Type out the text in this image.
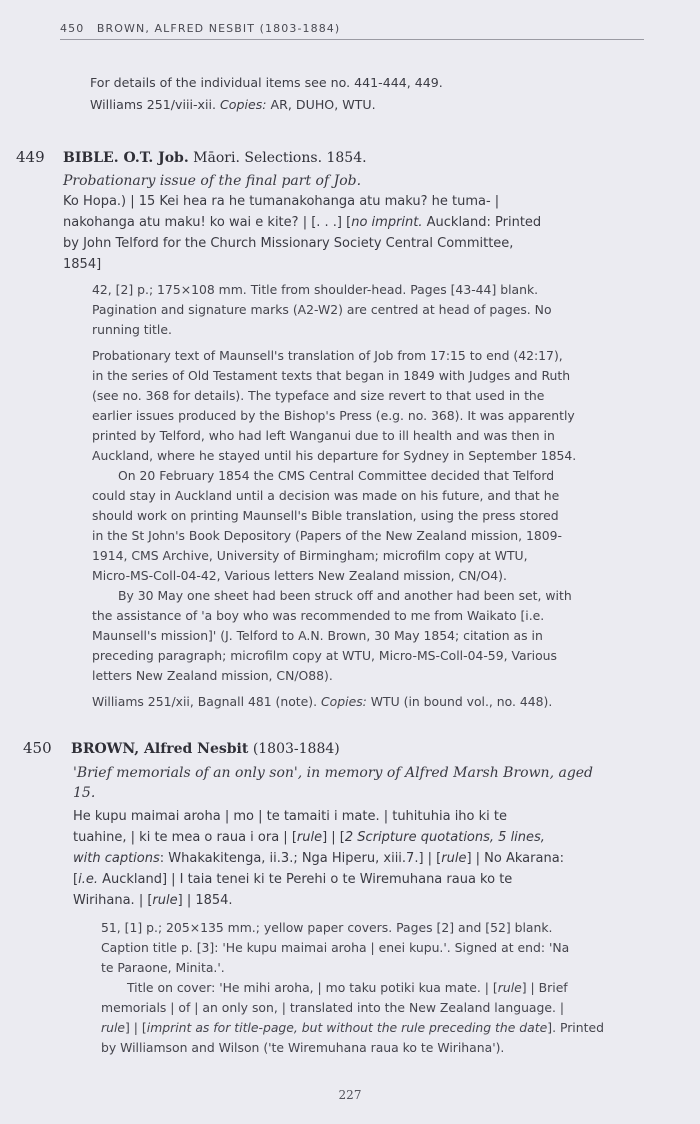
450 BROWN, ALFRED NESBIT (1803-1884)
For details of the individual items see no. 441-444, 449.
Williams 251/viii-xii. Copies: AR, DUHO, WTU.
449 BIBLE. O.T. Job. Māori. Selections. 1854.
Probationary issue of the final part of Job.
Ko Hopa.) | 15 Kei hea ra he tumanakohanga atu maku? he tuma- |
nakohanga atu maku! ko wai e kite? | [. . .] [no imprint. Auckland: Printed
by John Telford for the Church Missionary Society Central Committee,
1854]
42, [2] p.; 175×108 mm. Title from shoulder-head. Pages [43-44] blank.
Pagination and signature marks (A2-W2) are centred at head of pages. No
running title.
Probationary text of Maunsell's translation of Job from 17:15 to end (42:17),
in the series of Old Testament texts that began in 1849 with Judges and Ruth
(see no. 368 for details). The typeface and size revert to that used in the
earlier issues produced by the Bishop's Press (e.g. no. 368). It was apparently
printed by Telford, who had left Wanganui due to ill health and was then in
Auckland, where he stayed until his departure for Sydney in September 1854.
On 20 February 1854 the CMS Central Committee decided that Telford
could stay in Auckland until a decision was made on his future, and that he
should work on printing Maunsell's Bible translation, using the press stored
in the St John's Book Depository (Papers of the New Zealand mission, 1809-
1914, CMS Archive, University of Birmingham; microfilm copy at WTU,
Micro-MS-Coll-04-42, Various letters New Zealand mission, CN/O4).
By 30 May one sheet had been struck off and another had been set, with
the assistance of 'a boy who was recommended to me from Waikato [i.e.
Maunsell's mission]' (J. Telford to A.N. Brown, 30 May 1854; citation as in
preceding paragraph; microfilm copy at WTU, Micro-MS-Coll-04-59, Various
letters New Zealand mission, CN/O88).
Williams 251/xii, Bagnall 481 (note). Copies: WTU (in bound vol., no. 448).
450 BROWN, Alfred Nesbit (1803-1884)
'Brief memorials of an only son', in memory of Alfred Marsh Brown, aged
15.
He kupu maimai aroha | mo | te tamaiti i mate. | tuhituhia iho ki te
tuahine, | ki te mea o raua i ora | [rule] | [2 Scripture quotations, 5 lines,
with captions: Whakakitenga, ii.3.; Nga Hiperu, xiii.7.] | [rule] | No Akarana:
[i.e. Auckland] | I taia tenei ki te Perehi o te Wiremuhana raua ko te
Wirihana. | [rule] | 1854.
51, [1] p.; 205×135 mm.; yellow paper covers. Pages [2] and [52] blank.
Caption title p. [3]: 'He kupu maimai aroha | enei kupu.'. Signed at end: 'Na
te Paraone, Minita.'.
Title on cover: 'He mihi aroha, | mo taku potiki kua mate. | [rule] | Brief
memorials | of | an only son, | translated into the New Zealand language. |
rule] | [imprint as for title-page, but without the rule preceding the date]. Printed
by Williamson and Wilson ('te Wiremuhana raua ko te Wirihana').
227
